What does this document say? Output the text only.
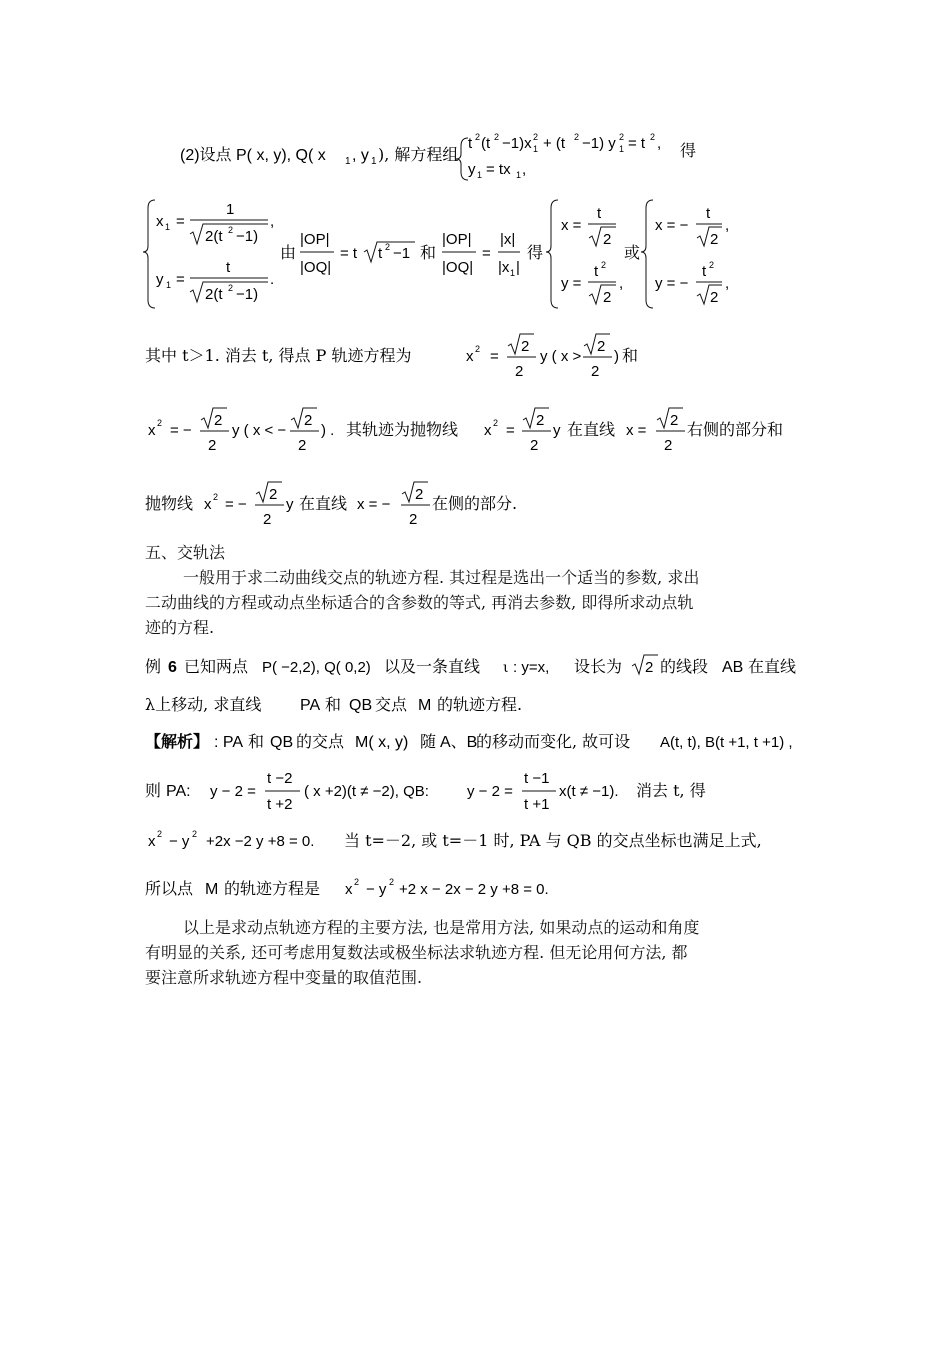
(2)设点 P( x, y), Q( x 1 , y 1 ), 解方程组
t 2 (t 2 −1)x 2
1 + (t 2 −1) y 2
1 = t 2 , 得
y 1 = tx 1 ,
x 1 =
1
2(t 2 −1)
,
y 1 =
t
2(t 2 −1)
.
由
|OP|
|OQ|
= t t 2 −1 和
|OP|
|OQ|
=
|x|
|x 1 |
得
x =
t
2
y =
t 2
2
,
或
x = −
t
2
,
y = −
t 2
2
,
其中 t＞1. 消去 t, 得点 P 轨迹方程为	x 2 =
2
2
y ( x >
2
2
) 和
x 2 = −
2
2
y ( x < −
2
2
) . 其轨迹为抛物线 x 2 =
2
2
y 在直线 x =
2
2
右侧的部分和
抛物线 x 2 = −
2
2
y 在直线 x = −
2
2
在侧的部分.
五、交轨法
一般用于求二动曲线交点的轨迹方程. 其过程是选出一个适当的参数, 求出
二动曲线的方程或动点坐标适合的含参数的等式, 再消去参数, 即得所求动点轨
迹的方程.
例 6 已知两点 P( −2,2), Q( 0,2) 以及一条直线 ι : y=x, 设长为 2 的线段 AB 在直线
λ上移动, 求直线 PA 和 QB 交点 M 的轨迹方程.
【解析】 : PA 和 QB 的交点 M( x, y) 随 A、B
的移动而变化, 故可设 A(t, t), B(t +1, t +1) ,
则 PA: y − 2 =
t −2
t +2
( x +2)(t ≠ −2), QB:	y − 2 =
t −1
t +1
x(t ≠ −1). 消去 t, 得
x 2 − y 2 +2x −2 y +8 = 0. 当 t=－2, 或 t=－1 时, PA 与 QB 的交点坐标也满足上式,
所以点 M 的轨迹方程是 x 2 − y 2 +2 x − 2x − 2 y +8 = 0.
以上是求动点轨迹方程的主要方法, 也是常用方法, 如果动点的运动和角度
有明显的关系, 还可考虑用复数法或极坐标法求轨迹方程. 但无论用何方法, 都
要注意所求轨迹方程中变量的取值范围.
